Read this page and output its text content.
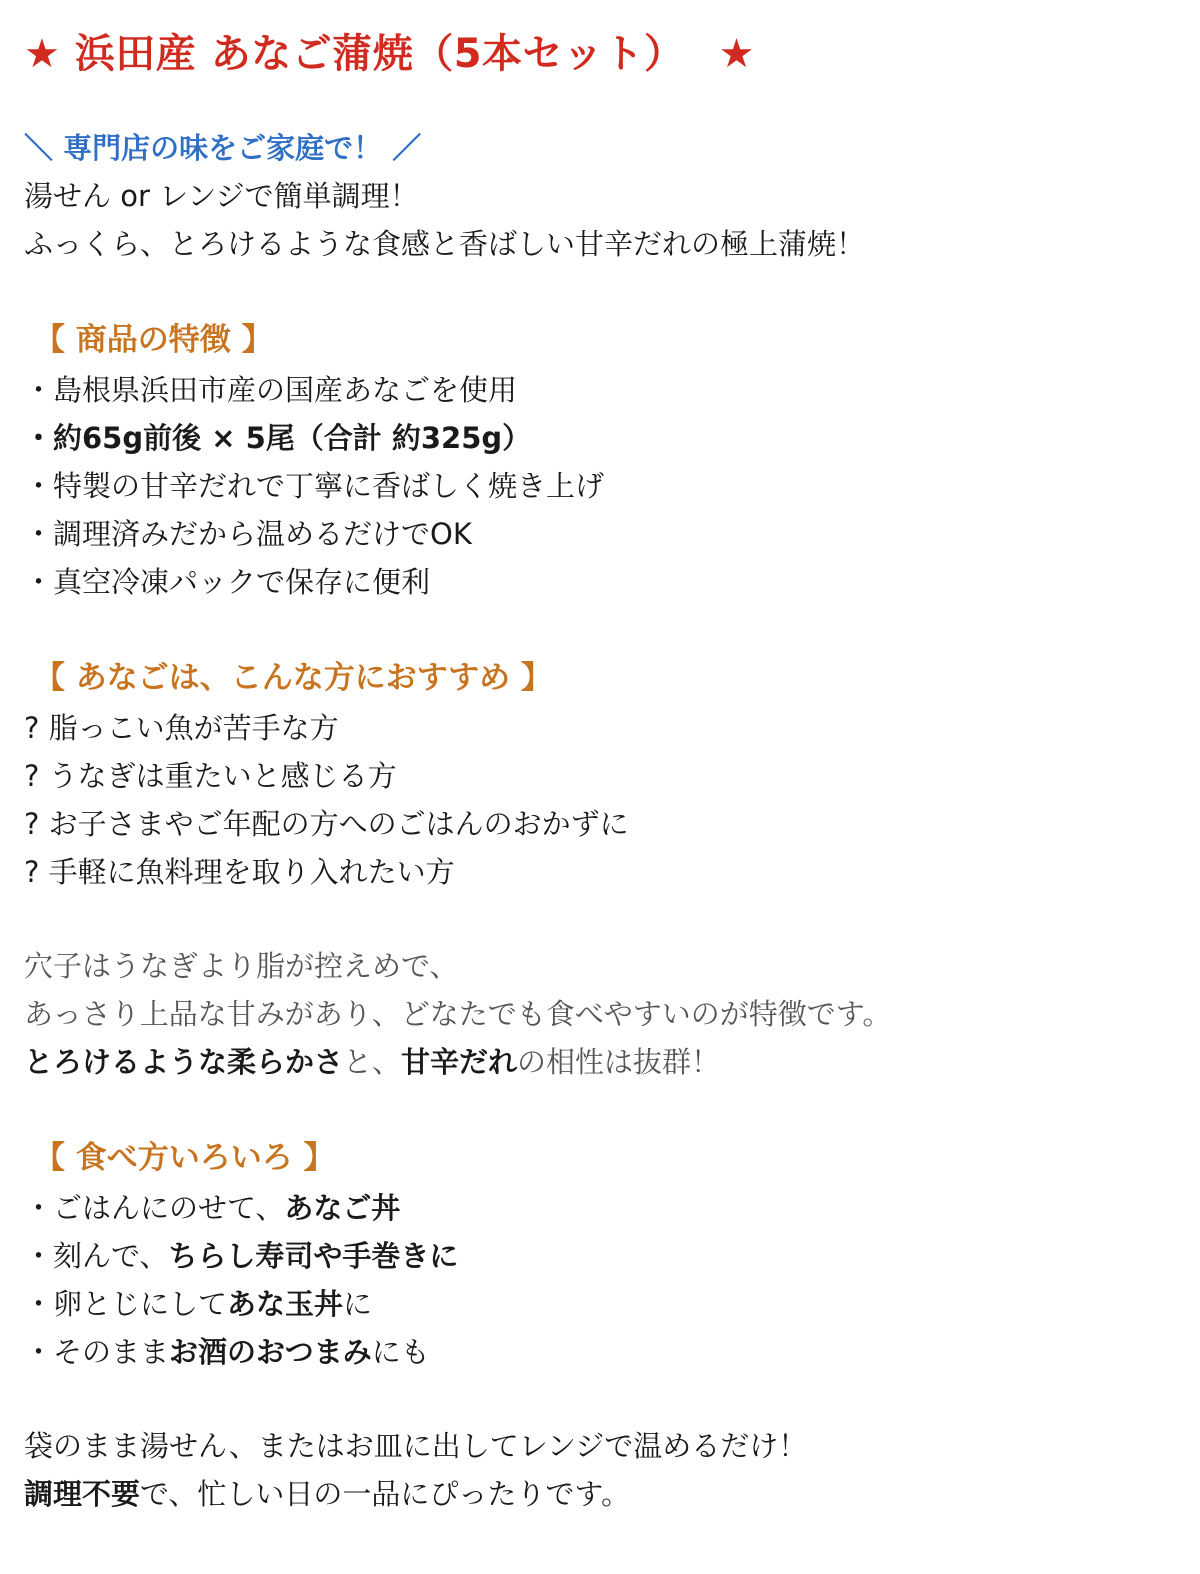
★ 浜田産 あなご蒲焼（5本セット） ★
＼ 専門店の味をご家庭で！ ／
湯せん or レンジで簡単調理！
ふっくら、とろけるような食感と香ばしい甘辛だれの極上蒲焼！
【 商品の特徴 】
・島根県浜田市産の国産あなごを使用
・約65g前後 × 5尾（合計 約325g）
・特製の甘辛だれで丁寧に香ばしく焼き上げ
・調理済みだから温めるだけでOK
・真空冷凍パックで保存に便利
【 あなごは、こんな方におすすめ 】
? 脂っこい魚が苦手な方
? うなぎは重たいと感じる方
? お子さまやご年配の方へのごはんのおかずに
? 手軽に魚料理を取り入れたい方
穴子はうなぎより脂が控えめで、
あっさり上品な甘みがあり、どなたでも食べやすいのが特徴です。
とろけるような柔らかさと、甘辛だれの相性は抜群！
【 食べ方いろいろ 】
・ごはんにのせて、あなご丼
・刻んで、ちらし寿司や手巻きに
・卵とじにしてあな玉丼に
・そのままお酒のおつまみにも
袋のまま湯せん、またはお皿に出してレンジで温めるだけ！
調理不要で、忙しい日の一品にぴったりです。
